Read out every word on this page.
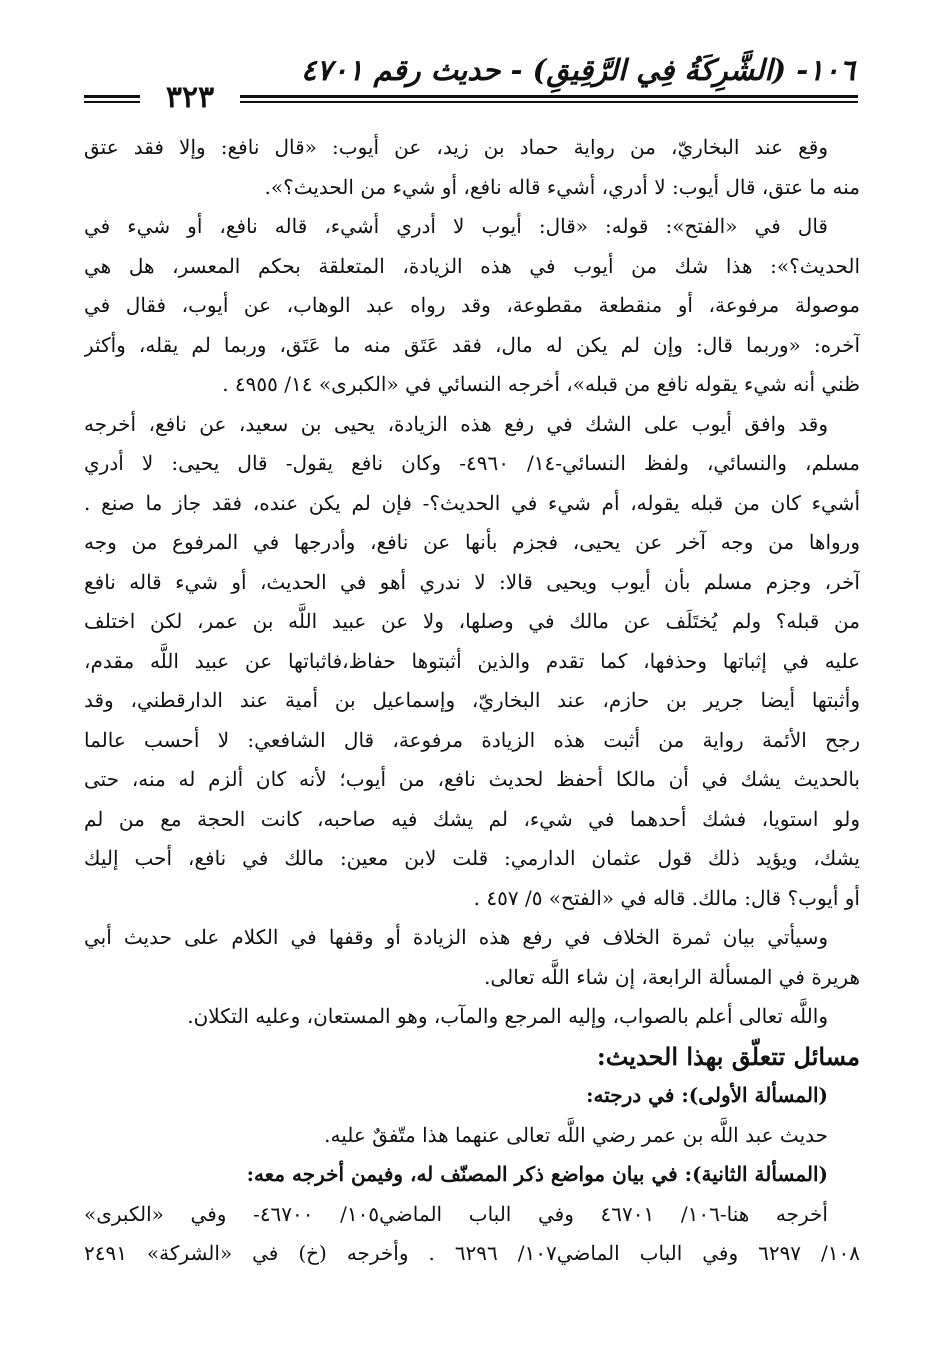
١٠٦- (الشَّرِكَةُ فِي الرَّقِيقِ) - حديث رقم ٤٧٠١
٣٢٣
وقع عند البخاريّ، من رواية حماد بن زيد، عن أيوب: «قال نافع: وإلا فقد عتق
منه ما عتق، قال أيوب: لا أدري، أشيء قاله نافع، أو شيء من الحديث؟».
قال في «الفتح»: قوله: «قال: أيوب لا أدري أشيء، قاله نافع، أو شيء في
الحديث؟»: هذا شك من أيوب في هذه الزيادة، المتعلقة بحكم المعسر، هل هي
موصولة مرفوعة، أو منقطعة مقطوعة، وقد رواه عبد الوهاب، عن أيوب، فقال في
آخره: «وربما قال: وإن لم يكن له مال، فقد عَتَق منه ما عَتَق، وربما لم يقله، وأكثر
ظني أنه شيء يقوله نافع من قبله»، أخرجه النسائي في «الكبرى» ١٤/ ٤٩٥٥ .
وقد وافق أيوب على الشك في رفع هذه الزيادة، يحيى بن سعيد، عن نافع، أخرجه
مسلم، والنسائي، ولفظ النسائي-١٤/ ٤٩٦٠- وكان نافع يقول- قال يحيى: لا أدري
أشيء كان من قبله يقوله، أم شيء في الحديث؟- فإن لم يكن عنده، فقد جاز ما صنع .
ورواها من وجه آخر عن يحيى، فجزم بأنها عن نافع، وأدرجها في المرفوع من وجه
آخر، وجزم مسلم بأن أيوب ويحيى قالا: لا ندري أهو في الحديث، أو شيء قاله نافع
من قبله؟ ولم يُختَلَف عن مالك في وصلها، ولا عن عبيد اللَّه بن عمر، لكن اختلف
عليه في إثباتها وحذفها، كما تقدم والذين أثبتوها حفاظ،فاثباتها عن عبيد اللَّه مقدم،
وأثبتها أيضا جرير بن حازم، عند البخاريّ، وإسماعيل بن أمية عند الدارقطني، وقد
رجح الأئمة رواية من أثبت هذه الزيادة مرفوعة، قال الشافعي: لا أحسب عالما
بالحديث يشك في أن مالكا أحفظ لحديث نافع، من أيوب؛ لأنه كان ألزم له منه، حتى
ولو استويا، فشك أحدهما في شيء، لم يشك فيه صاحبه، كانت الحجة مع من لم
يشك، ويؤيد ذلك قول عثمان الدارمي: قلت لابن معين: مالك في نافع، أحب إليك
أو أيوب؟ قال: مالك. قاله في «الفتح» ٥/ ٤٥٧ .
وسيأتي بيان ثمرة الخلاف في رفع هذه الزيادة أو وقفها في الكلام على حديث أبي
هريرة في المسألة الرابعة، إن شاء اللَّه تعالى.
واللَّه تعالى أعلم بالصواب، وإليه المرجع والمآب، وهو المستعان، وعليه التكلان.
مسائل تتعلّق بهذا الحديث:
(المسألة الأولى): في درجته:
حديث عبد اللَّه بن عمر رضي اللَّه تعالى عنهما هذا متّفقٌ عليه.
(المسألة الثانية): في بيان مواضع ذكر المصنّف له، وفيمن أخرجه معه:
أخرجه هنا-١٠٦/ ٤٦٧٠١ وفي الباب الماضي١٠٥/ ٤٦٧٠٠- وفي «الكبرى»
١٠٨/ ٦٢٩٧ وفي الباب الماضي١٠٧/ ٦٢٩٦ . وأخرجه (خ) في «الشركة» ٢٤٩١
